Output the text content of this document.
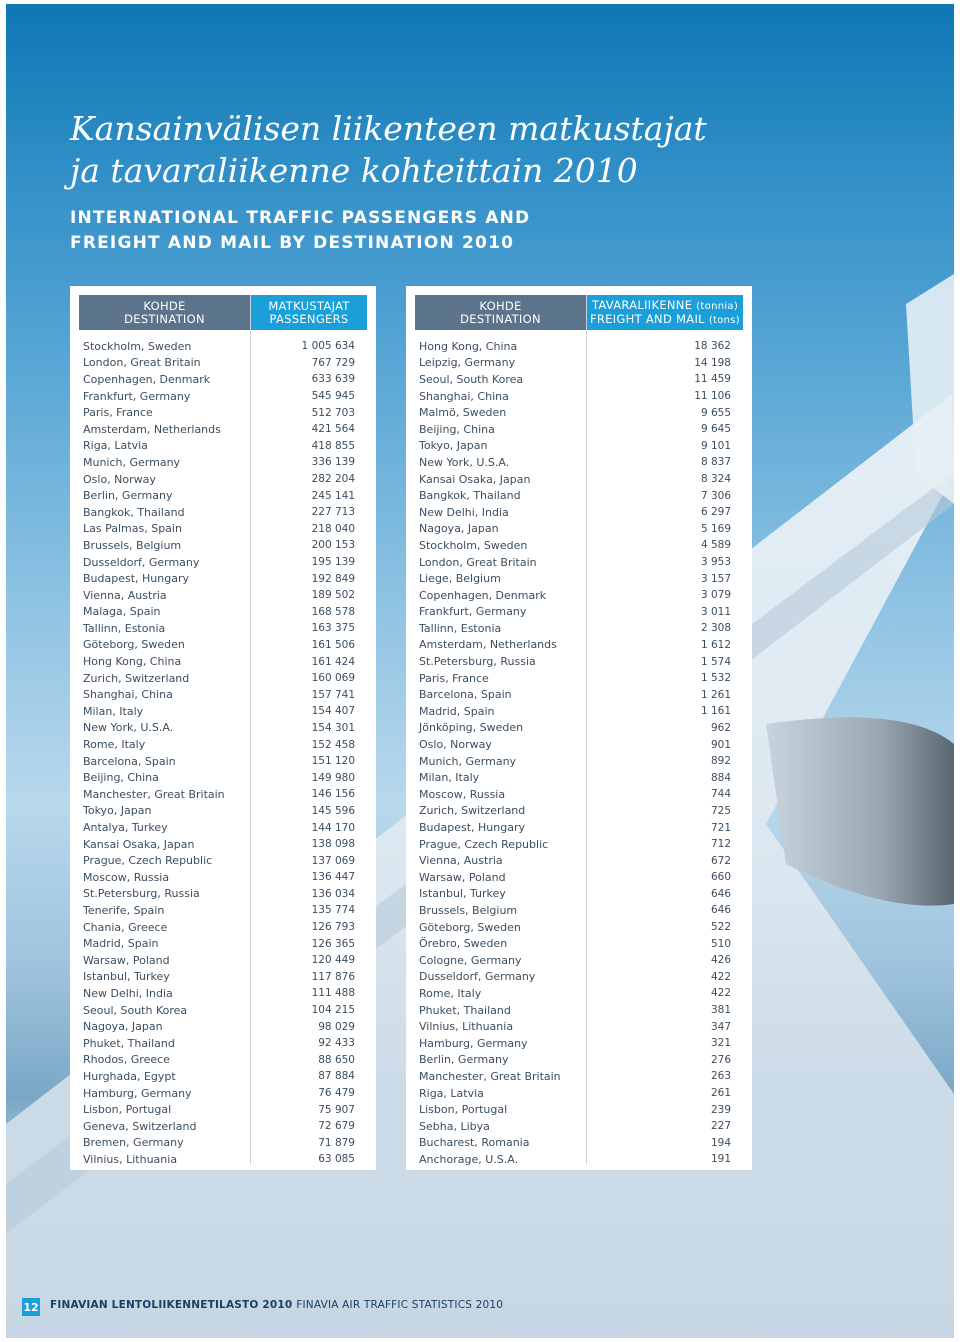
Kansainvälisen liikenteen matkustajat
ja tavaraliikenne kohteittain 2010
INTERNATIONAL TRAFFIC PASSENGERS AND
FREIGHT AND MAIL BY DESTINATION 2010
KOHDE
DESTINATION
MATKUSTAJAT
PASSENGERS
Stockholm, Sweden	1 005 634
London, Great Britain	767 729
Copenhagen, Denmark	633 639
Frankfurt, Germany	545 945
Paris, France	512 703
Amsterdam, Netherlands	421 564
Riga, Latvia	418 855
Munich, Germany	336 139
Oslo, Norway	282 204
Berlin, Germany	245 141
Bangkok, Thailand	227 713
Las Palmas, Spain	218 040
Brussels, Belgium	200 153
Dusseldorf, Germany	195 139
Budapest, Hungary	192 849
Vienna, Austria	189 502
Malaga, Spain	168 578
Tallinn, Estonia	163 375
Göteborg, Sweden	161 506
Hong Kong, China	161 424
Zurich, Switzerland	160 069
Shanghai, China	157 741
Milan, Italy	154 407
New York, U.S.A.	154 301
Rome, Italy	152 458
Barcelona, Spain	151 120
Beijing, China	149 980
Manchester, Great Britain	146 156
Tokyo, Japan	145 596
Antalya, Turkey	144 170
Kansai Osaka, Japan	138 098
Prague, Czech Republic	137 069
Moscow, Russia	136 447
St.Petersburg, Russia	136 034
Tenerife, Spain	135 774
Chania, Greece	126 793
Madrid, Spain	126 365
Warsaw, Poland	120 449
Istanbul, Turkey	117 876
New Delhi, India	111 488
Seoul, South Korea	104 215
Nagoya, Japan	98 029
Phuket, Thailand	92 433
Rhodos, Greece	88 650
Hurghada, Egypt	87 884
Hamburg, Germany	76 479
Lisbon, Portugal	75 907
Geneva, Switzerland	72 679
Bremen, Germany	71 879
Vilnius, Lithuania	63 085
KOHDE
DESTINATION
TAVARALIIKENNE (tonnia)
FREIGHT AND MAIL (tons)
Hong Kong, China	18 362
Leipzig, Germany	14 198
Seoul, South Korea	11 459
Shanghai, China	11 106
Malmö, Sweden	9 655
Beijing, China	9 645
Tokyo, Japan	9 101
New York, U.S.A.	8 837
Kansai Osaka, Japan	8 324
Bangkok, Thailand	7 306
New Delhi, India	6 297
Nagoya, Japan	5 169
Stockholm, Sweden	4 589
London, Great Britain	3 953
Liege, Belgium	3 157
Copenhagen, Denmark	3 079
Frankfurt, Germany	3 011
Tallinn, Estonia	2 308
Amsterdam, Netherlands	1 612
St.Petersburg, Russia	1 574
Paris, France	1 532
Barcelona, Spain	1 261
Madrid, Spain	1 161
Jönköping, Sweden	962
Oslo, Norway	901
Munich, Germany	892
Milan, Italy	884
Moscow, Russia	744
Zurich, Switzerland	725
Budapest, Hungary	721
Prague, Czech Republic	712
Vienna, Austria	672
Warsaw, Poland	660
Istanbul, Turkey	646
Brussels, Belgium	646
Göteborg, Sweden	522
Örebro, Sweden	510
Cologne, Germany	426
Dusseldorf, Germany	422
Rome, Italy	422
Phuket, Thailand	381
Vilnius, Lithuania	347
Hamburg, Germany	321
Berlin, Germany	276
Manchester, Great Britain	263
Riga, Latvia	261
Lisbon, Portugal	239
Sebha, Libya	227
Bucharest, Romania	194
Anchorage, U.S.A.	191
12 FINAVIAN LENTOLIIKENNETILASTO 2010 FINAVIA AIR TRAFFIC STATISTICS 2010
